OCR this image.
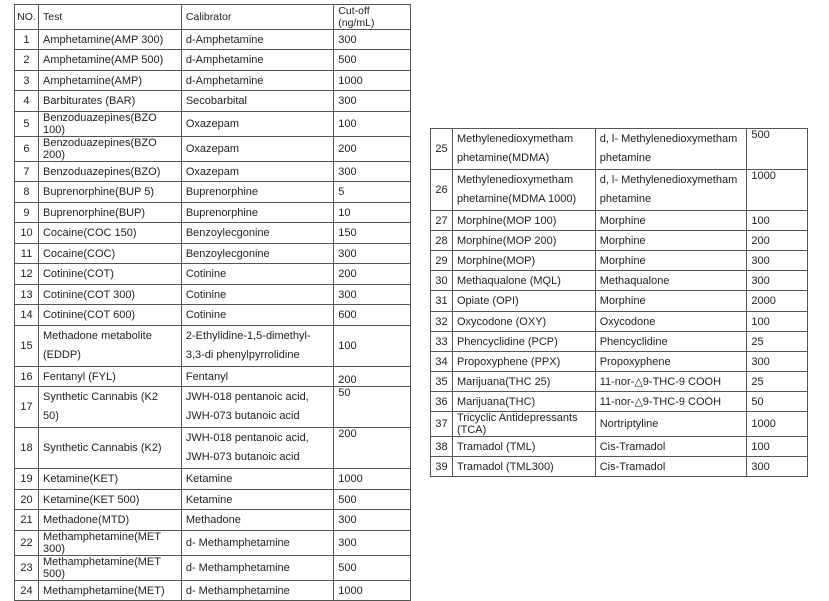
NO.	Test	Calibrator	Cut-off (ng/mL)
1	Amphetamine(AMP 300)	d-Amphetamine	300
2	Amphetamine(AMP 500)	d-Amphetamine	500
3	Amphetamine(AMP)	d-Amphetamine	1000
4	Barbiturates (BAR)	Secobarbital	300
5	Benzoduazepines(BZO 100)	Oxazepam	100
6	Benzoduazepines(BZO 200)	Oxazepam	200
7	Benzoduazepines(BZO)	Oxazepam	300
8	Buprenorphine(BUP 5)	Buprenorphine	5
9	Buprenorphine(BUP)	Buprenorphine	10
10	Cocaine(COC 150)	Benzoylecgonine	150
11	Cocaine(COC)	Benzoylecgonine	300
12	Cotinine(COT)	Cotinine	200
13	Cotinine(COT 300)	Cotinine	300
14	Cotinine(COT 600)	Cotinine	600
15	Methadone metabolite (EDDP)	2-Ethylidine-1,5-dimethyl-3,3-di phenylpyrrolidine	100
16	Fentanyl (FYL)	Fentanyl	200
17	Synthetic Cannabis (K2 50)	JWH-018 pentanoic acid, JWH-073 butanoic acid	50
18	Synthetic Cannabis (K2)	JWH-018 pentanoic acid, JWH-073 butanoic acid	200
19	Ketamine(KET)	Ketamine	1000
20	Ketamine(KET 500)	Ketamine	500
21	Methadone(MTD)	Methadone	300
22	Methamphetamine(MET 300)	d- Methamphetamine	300
23	Methamphetamine(MET 500)	d- Methamphetamine	500
24	Methamphetamine(MET)	d- Methamphetamine	1000
25	Methylenedioxymetham phetamine(MDMA)	d, l- Methylenedioxymetham phetamine	500
26	Methylenedioxymetham phetamine(MDMA 1000)	d, l- Methylenedioxymetham phetamine	1000
27	Morphine(MOP 100)	Morphine	100
28	Morphine(MOP 200)	Morphine	200
29	Morphine(MOP)	Morphine	300
30	Methaqualone (MQL)	Methaqualone	300
31	Opiate (OPI)	Morphine	2000
32	Oxycodone (OXY)	Oxycodone	100
33	Phencyclidine (PCP)	Phencyclidine	25
34	Propoxyphene (PPX)	Propoxyphene	300
35	Marijuana(THC 25)	11-nor-△9-THC-9 COOH	25
36	Marijuana(THC)	11-nor-△9-THC-9 COOH	50
37	Tricyclic Antidepressants (TCA)	Nortriptyline	1000
38	Tramadol (TML)	Cis-Tramadol	100
39	Tramadol (TML300)	Cis-Tramadol	300
